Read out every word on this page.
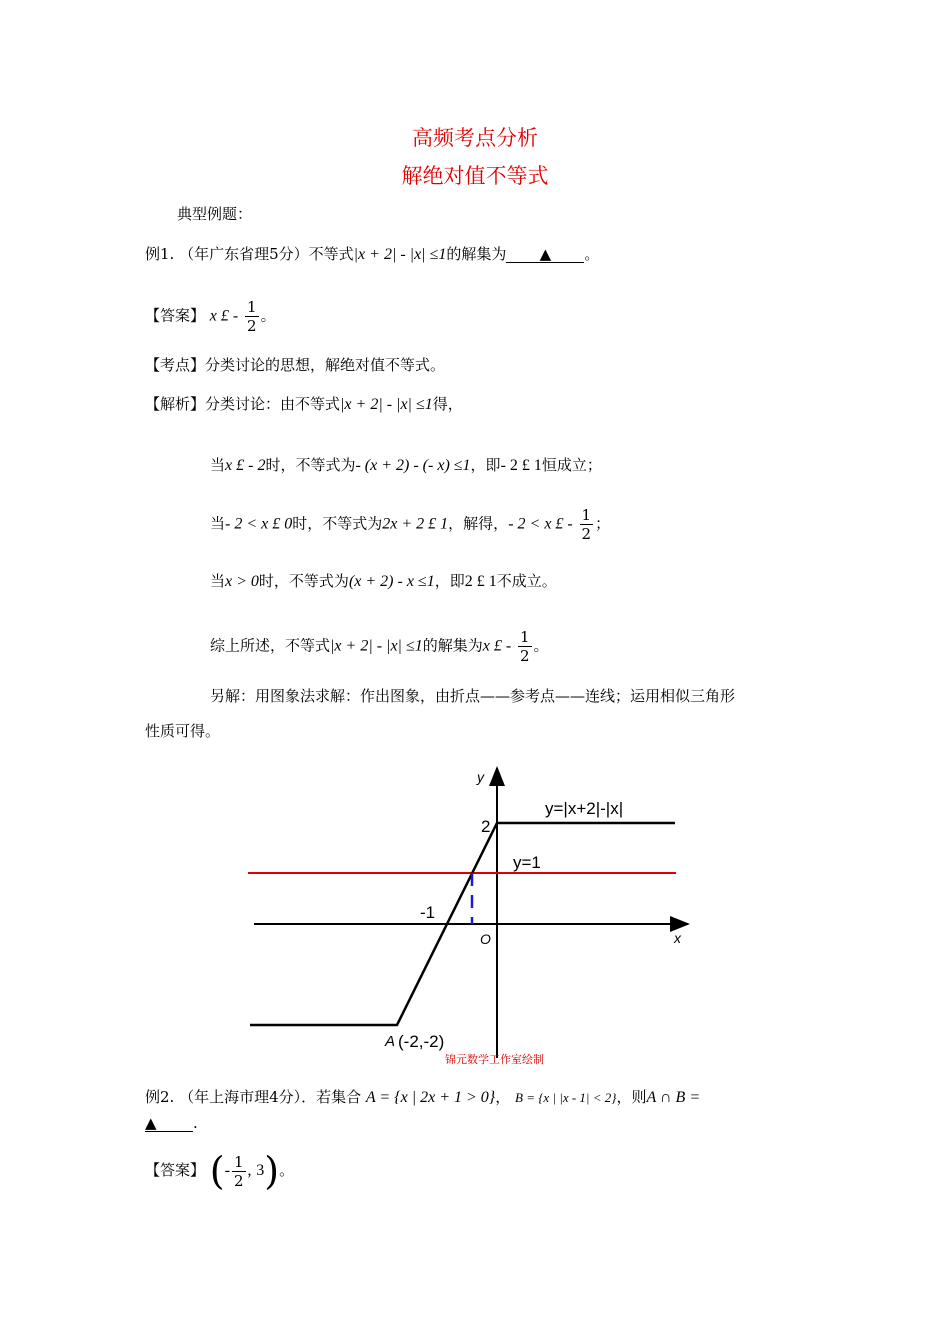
高频考点分析
解绝对值不等式
典型例题：
例1. （年广东省理5分）不等式|x + 2| - |x| ≤1的解集为 ▲ 。
【答案】 x £ - $\frac{1}{2}$ 。
【考点】分类讨论的思想，解绝对值不等式。
【解析】分类讨论：由不等式|x + 2| - |x| ≤1得，
当x £ - 2时，不等式为- (x + 2) - (- x) ≤1，即- 2 £ 1恒成立；
当- 2 < x £ 0时，不等式为2x + 2 £ 1，解得，- 2 < x £ - $\frac{1}{2}$ ；
当x > 0时，不等式为(x + 2) - x ≤1，即2 £ 1不成立。
综上所述，不等式|x + 2| - |x| ≤1的解集为x £ - $\frac{1}{2}$ 。
另解：用图象法求解：作出图象，由折点——参考点——连线；运用相似三角形
性质可得。
y
x
O
y=|x+2|-|x|
y=1
2
-1
A (-2,-2)
锦元数学工作室绘制
例2. （年上海市理4分）．若集合 A = {x | 2x + 1 > 0}， B = {x | |x - 1| < 2}，则A ∩ B =
▲ .
【答案】 (- $\frac{1}{2}$ , 3)。
